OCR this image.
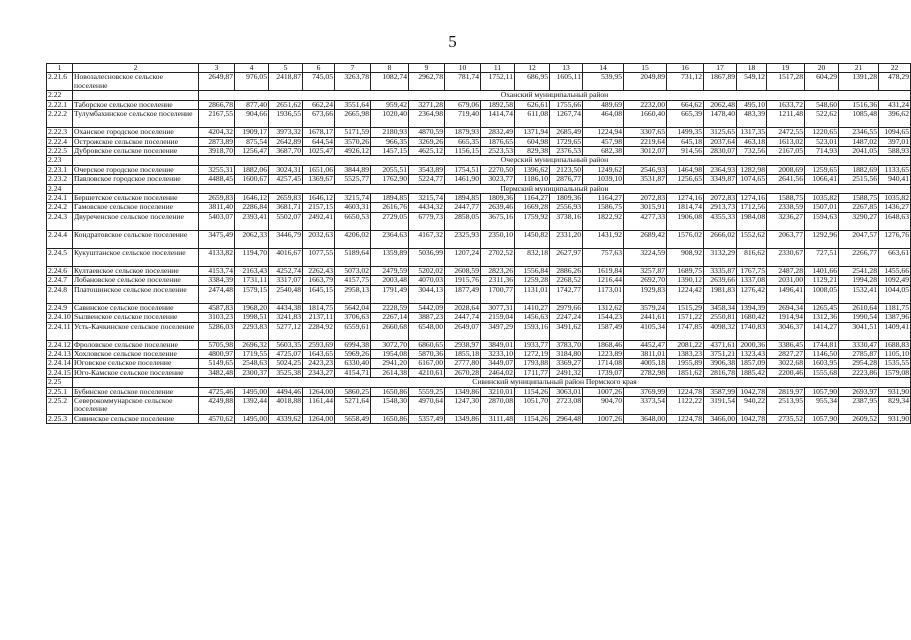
5
1	2	3	4	5	6	7	8	9	10	11	12	13	14	15	16	17	18	19	20	21	22
2.21.6	Новозалесновское сельское поселение	2649,87	976,05	2418,87	745,05	3263,78	1082,74	2962,78	781,74	1752,11	686,95	1605,11	539,95	2049,89	731,12	1867,89	549,12	1517,28	604,29	1391,28	478,29
2.22		Оханский муниципальный район																			
2.22.1	Таборское сельское поселение	2866,78	877,40	2651,62	662,24	3551,64	959,42	3271,28	679,06	1892,58	626,61	1755,66	489,69	2232,00	664,62	2062,48	495,10	1633,72	548,60	1516,36	431,24
2.22.2	Тулумбахинское сельское поселение	2167,55	904,66	1936,55	673,66	2665,98	1020,40	2364,98	719,40	1414,74	611,08	1267,74	464,08	1660,40	665,39	1478,40	483,39	1211,48	522,62	1085,48	396,62
2.22.3	Оханское городское поселение	4204,32	1909,17	3973,32	1678,17	5171,59	2180,93	4870,59	1879,93	2832,49	1371,94	2685,49	1224,94	3307,65	1499,35	3125,65	1317,35	2472,55	1220,65	2346,55	1094,65
2.22.4	Острожское сельское поселение	2873,89	875,54	2642,89	644,54	3570,26	966,35	3269,26	665,35	1876,65	604,98	1729,65	457,98	2219,64	645,18	2037,64	463,18	1613,02	523,01	1487,02	397,01
2.22.5	Дубровское сельское поселение	3918,70	1256,47	3687,70	1025,47	4926,12	1457,15	4625,12	1156,15	2523,53	829,38	2376,53	682,38	3012,07	914,56	2830,07	732,56	2167,05	714,93	2041,05	588,93
2.23		Очерский муниципальный район																			
2.23.1	Очерское городское поселение	3255,31	1882,06	3024,31	1651,06	3844,89	2055,51	3543,89	1754,51	2270,50	1396,62	2123,50	1249,62	2546,93	1464,98	2364,93	1282,98	2008,69	1259,65	1882,69	1133,65
2.23.2	Павловское городское поселение	4488,45	1600,67	4257,45	1369,67	5525,77	1762,90	5224,77	1461,90	3023,77	1186,10	2876,77	1039,10	3531,87	1256,65	3349,87	1074,65	2641,56	1066,41	2515,56	940,41
2.24		Пермский муниципальный район																			
2.24.1	Бершетское сельское поселение	2659,83	1646,12	2659,83	1646,12	3215,74	1894,85	3215,74	1894,85	1809,36	1164,27	1809,36	1164,27	2072,83	1274,16	2072,83	1274,16	1588,75	1035,82	1588,75	1035,82
2.24.2	Гамовское сельское поселение	3811,40	2286,84	3681,71	2157,15	4603,31	2616,76	4434,32	2447,77	2639,46	1669,28	2556,93	1586,75	3015,91	1814,74	2913,73	1712,56	2338,59	1507,01	2267,85	1436,27
2.24.3	Двуреченское сельское поселение	5403,07	2393,41	5502,07	2492,41	6650,53	2729,05	6779,73	2858,05	3675,16	1759,92	3738,16	1822,92	4277,33	1906,08	4355,33	1984,08	3236,27	1594,63	3290,27	1648,63
2.24.4	Кондратовское сельское поселение	3475,49	2062,33	3446,79	2032,63	4206,02	2364,63	4167,32	2325,93	2350,10	1450,82	2331,20	1431,92	2689,42	1576,02	2666,02	1552,62	2063,77	1292,96	2047,57	1276,76
2.24.5	Кукуштанское сельское поселение	4133,82	1194,70	4016,67	1077,55	5189,64	1359,89	5036,99	1207,24	2702,52	832,18	2627,97	757,63	3224,59	908,92	3132,29	816,62	2330,67	727,51	2266,77	663,61
2.24.6	Култаевское сельское поселение	4153,74	2163,43	4252,74	2262,43	5073,02	2479,59	5202,02	2608,59	2823,26	1556,84	2886,26	1619,84	3257,87	1689,75	3335,87	1767,75	2487,28	1401,66	2541,28	1455,66
2.24.7	Лобановское сельское поселение	3384,39	1731,11	3317,07	1663,79	4157,75	2003,48	4070,03	1915,76	2311,36	1259,28	2268,52	1216,44	2692,70	1390,12	2639,66	1337,08	2031,00	1129,21	1994,28	1092,49
2.24.8	Платошинское сельское поселение	2474,48	1579,15	2540,48	1645,15	2958,13	1791,49	3044,13	1877,49	1700,77	1131,01	1742,77	1173,01	1929,83	1224,42	1981,83	1276,42	1496,41	1008,05	1532,41	1044,05
2.24.9	Савинское сельское поселение	4587,83	1968,20	4434,38	1814,75	5642,04	2228,59	5442,09	2028,64	3077,31	1410,27	2979,66	1312,62	3579,24	1515,29	3458,34	1394,39	2694,34	1265,45	2610,64	1181,75
2.24.10	Sылвенское сельское поселение	3103,23	1998,51	3241,83	2137,11	3706,63	2267,14	3887,23	2447,74	2159,04	1456,63	2247,24	1544,23	2441,61	1571,22	2550,81	1680,42	1914,94	1312,36	1990,54	1387,96
2.24.11	Усть-Качкинское сельское поселение	5286,03	2293,83	5277,12	2284,92	6559,61	2660,68	6548,00	2649,07	3497,29	1593,16	3491,62	1587,49	4105,34	1747,85	4098,32	1740,83	3046,37	1414,27	3041,51	1409,41
2.24.12	Фроловское сельское поселение	5705,98	2696,32	5603,35	2593,69	6994,38	3072,70	6860,65	2938,97	3849,01	1933,77	3783,70	1868,46	4452,47	2081,22	4371,61	2000,36	3386,45	1744,81	3330,47	1688,83
2.24.13	Хохловское сельское поселение	4800,97	1719,55	4725,07	1643,65	5969,26	1954,08	5870,36	1855,18	3233,10	1272,19	3184,80	1223,89	3811,01	1383,23	3751,21	1323,43	2827,27	1146,50	2785,87	1105,10
2.24.14	Юговское сельское поселение	5149,65	2548,63	5024,25	2423,23	6330,40	2941,20	6167,00	2777,80	3449,07	1793,88	3369,27	1714,08	4005,18	1955,89	3906,38	1857,09	3022,68	1603,95	2954,28	1535,55
2.24.15	Юго-Камское сельское поселение	3482,48	2300,37	3525,38	2343,27	4154,71	2614,38	4210,61	2670,28	2464,02	1711,77	2491,32	1739,07	2782,98	1851,62	2816,78	1885,42	2200,46	1555,68	2223,86	1579,08
2.25		Сивинский муниципальный район Пермского края																			
2.25.1	Бубинское сельское поселение	4725,46	1495,00	4494,46	1264,00	5860,25	1650,86	5559,25	1349,86	3210,01	1154,26	3063,01	1007,26	3769,99	1224,78	3587,99	1042,78	2819,97	1057,90	2693,97	931,90
2.25.2	Северокоммунарское сельское поселение	4249,88	1392,44	4018,88	1161,44	5271,64	1548,30	4970,64	1247,30	2870,08	1051,70	2723,08	904,70	3373,54	1122,22	3191,54	940,22	2513,95	955,34	2387,95	829,34
2.25.3	Сивинское сельское поселение	4570,62	1495,00	4339,62	1264,00	5658,49	1650,86	5357,49	1349,86	3111,48	1154,26	2964,48	1007,26	3648,00	1224,78	3466,00	1042,78	2735,52	1057,90	2609,52	931,90
